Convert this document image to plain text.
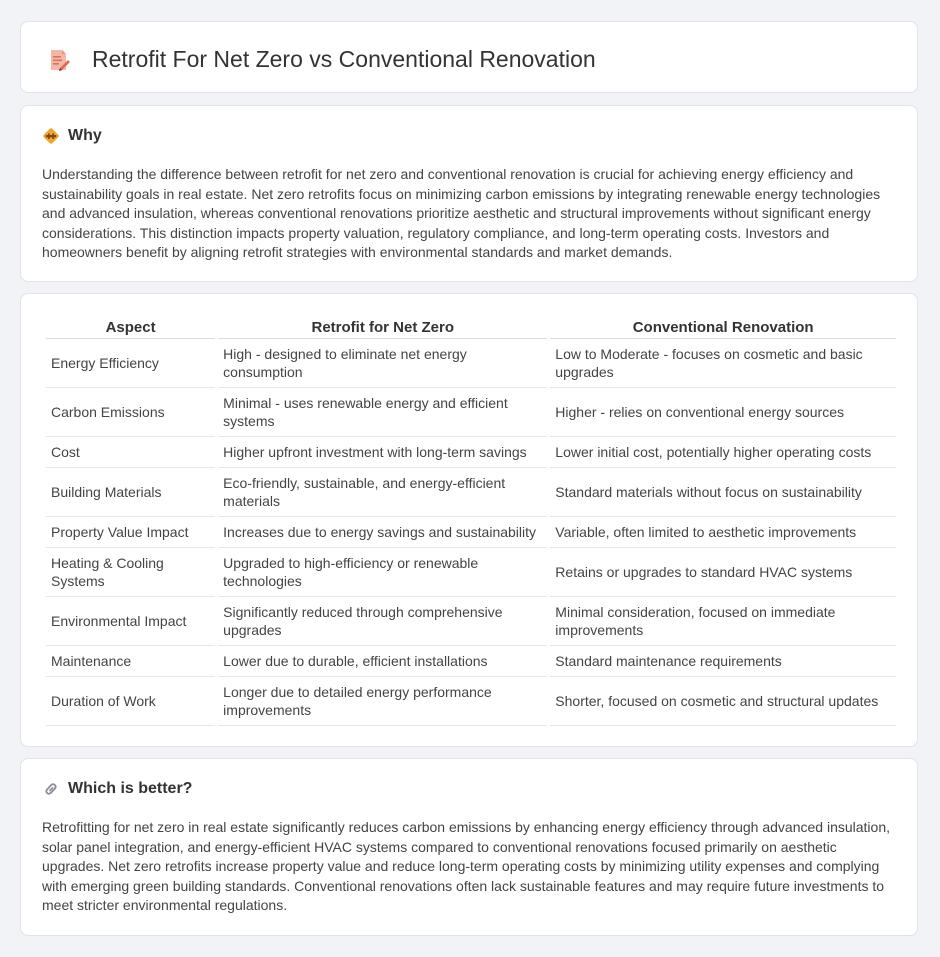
Retrofit For Net Zero vs Conventional Renovation
Why

Understanding the difference between retrofit for net zero and conventional renovation is crucial for achieving energy efficiency and sustainability goals in real estate. Net zero retrofits focus on minimizing carbon emissions by integrating renewable energy technologies and advanced insulation, whereas conventional renovations prioritize aesthetic and structural improvements without significant energy considerations. This distinction impacts property valuation, regulatory compliance, and long-term operating costs. Investors and homeowners benefit by aligning retrofit strategies with environmental standards and market demands.

Aspect	Retrofit for Net Zero	Conventional Renovation
Energy Efficiency	High - designed to eliminate net energy consumption	Low to Moderate - focuses on cosmetic and basic upgrades
Carbon Emissions	Minimal - uses renewable energy and efficient systems	Higher - relies on conventional energy sources
Cost	Higher upfront investment with long-term savings	Lower initial cost, potentially higher operating costs
Building Materials	Eco-friendly, sustainable, and energy-efficient materials	Standard materials without focus on sustainability
Property Value Impact	Increases due to energy savings and sustainability	Variable, often limited to aesthetic improvements
Heating & Cooling Systems	Upgraded to high-efficiency or renewable technologies	Retains or upgrades to standard HVAC systems
Environmental Impact	Significantly reduced through comprehensive upgrades	Minimal consideration, focused on immediate improvements
Maintenance	Lower due to durable, efficient installations	Standard maintenance requirements
Duration of Work	Longer due to detailed energy performance improvements	Shorter, focused on cosmetic and structural updates
Which is better?

Retrofitting for net zero in real estate significantly reduces carbon emissions by enhancing energy efficiency through advanced insulation, solar panel integration, and energy-efficient HVAC systems compared to conventional renovations focused primarily on aesthetic upgrades. Net zero retrofits increase property value and reduce long-term operating costs by minimizing utility expenses and complying with emerging green building standards. Conventional renovations often lack sustainable features and may require future investments to meet stricter environmental regulations.
